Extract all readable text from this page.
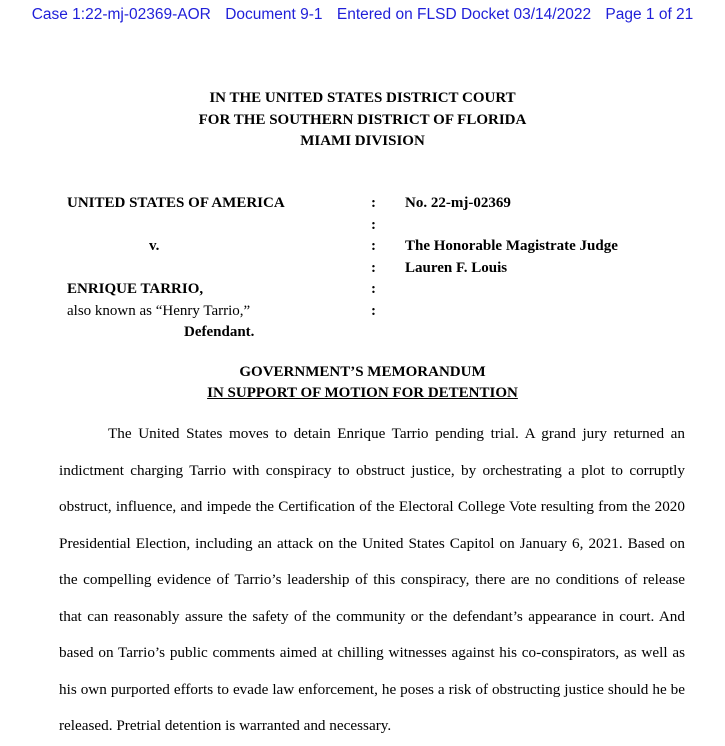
Case 1:22-mj-02369-AOR Document 9-1 Entered on FLSD Docket 03/14/2022 Page 1 of 21
IN THE UNITED STATES DISTRICT COURT
FOR THE SOUTHERN DISTRICT OF FLORIDA
MIAMI DIVISION
UNITED STATES OF AMERICA

v.

ENRIQUE TARRIO,
also known as “Henry Tarrio,”
Defendant.
:
:
:
:
:
:
No. 22-mj-02369

The Honorable Magistrate Judge
Lauren F. Louis
GOVERNMENT’S MEMORANDUM
IN SUPPORT OF MOTION FOR DETENTION

The United States moves to detain Enrique Tarrio pending trial. A grand jury returned an indictment charging Tarrio with conspiracy to obstruct justice, by orchestrating a plot to corruptly obstruct, influence, and impede the Certification of the Electoral College Vote resulting from the 2020 Presidential Election, including an attack on the United States Capitol on January 6, 2021. Based on the compelling evidence of Tarrio’s leadership of this conspiracy, there are no conditions of release that can reasonably assure the safety of the community or the defendant’s appearance in court. And based on Tarrio’s public comments aimed at chilling witnesses against his co-conspirators, as well as his own purported efforts to evade law enforcement, he poses a risk of obstructing justice should he be released. Pretrial detention is warranted and necessary.
